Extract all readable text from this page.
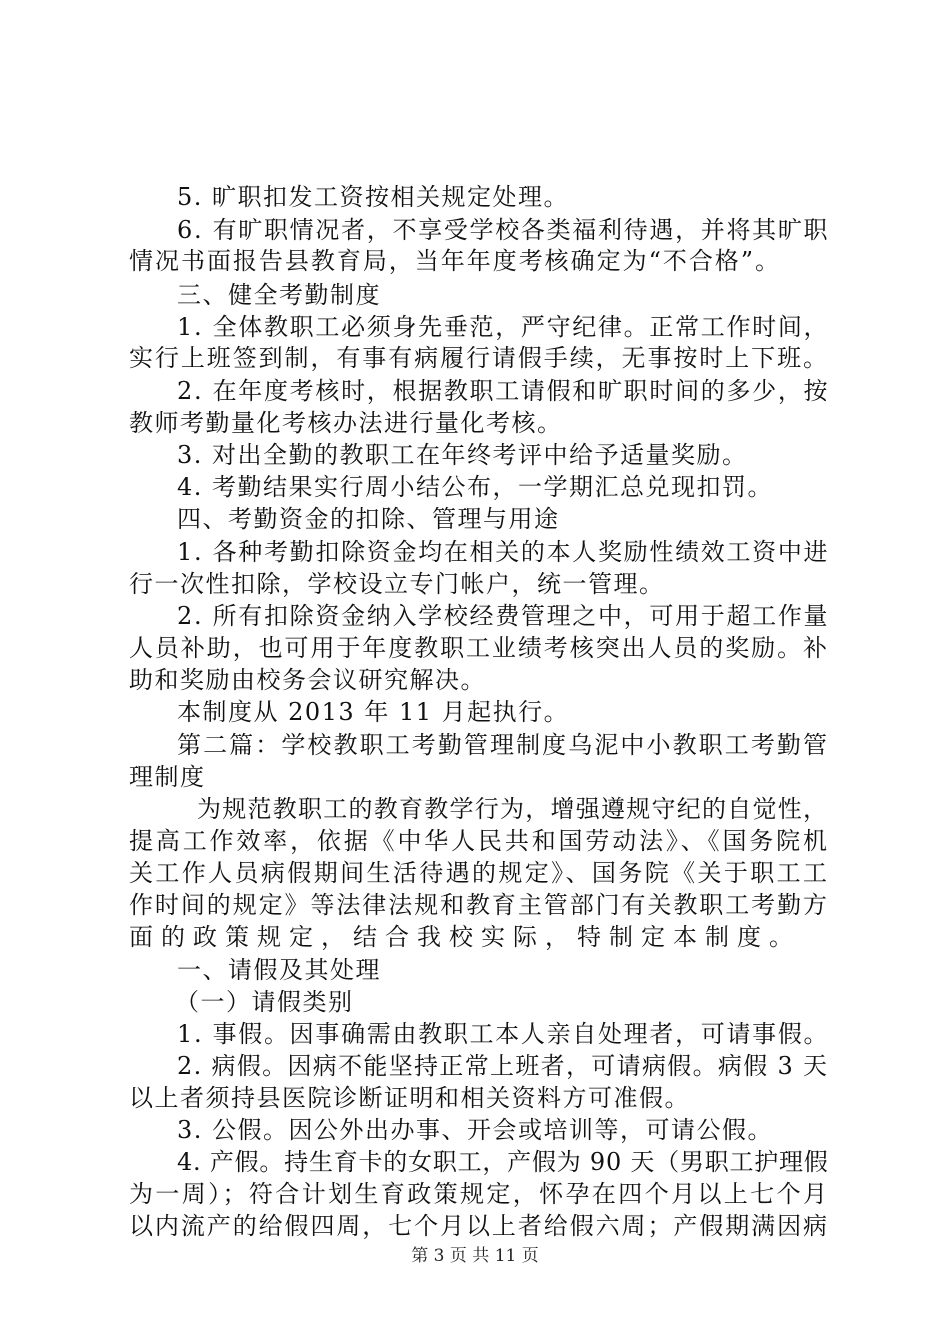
5. 旷职扣发工资按相关规定处理。
6. 有旷职情况者，不享受学校各类福利待遇，并将其旷职
情况书面报告县教育局，当年年度考核确定为“不合格”。
三、健全考勤制度
1. 全体教职工必须身先垂范，严守纪律。正常工作时间，
实行上班签到制，有事有病履行请假手续，无事按时上下班。
2. 在年度考核时，根据教职工请假和旷职时间的多少，按
教师考勤量化考核办法进行量化考核。
3. 对出全勤的教职工在年终考评中给予适量奖励。
4. 考勤结果实行周小结公布，一学期汇总兑现扣罚。
四、考勤资金的扣除、管理与用途
1. 各种考勤扣除资金均在相关的本人奖励性绩效工资中进
行一次性扣除，学校设立专门帐户，统一管理。
2. 所有扣除资金纳入学校经费管理之中，可用于超工作量
人员补助，也可用于年度教职工业绩考核突出人员的奖励。补
助和奖励由校务会议研究解决。
本制度从 2013 年 11 月起执行。
第二篇：学校教职工考勤管理制度乌泥中小教职工考勤管
理制度
为规范教职工的教育教学行为，增强遵规守纪的自觉性，
提高工作效率，依据《中华人民共和国劳动法》、《国务院机
关工作人员病假期间生活待遇的规定》、国务院《关于职工工
作时间的规定》等法律法规和教育主管部门有关教职工考勤方
面的政策规定，结合我校实际，特制定本制度。
一、请假及其处理
（一）请假类别
1. 事假。因事确需由教职工本人亲自处理者，可请事假。
2. 病假。因病不能坚持正常上班者，可请病假。病假 3 天
以上者须持县医院诊断证明和相关资料方可准假。
3. 公假。因公外出办事、开会或培训等，可请公假。
4. 产假。持生育卡的女职工，产假为 90 天（男职工护理假
为一周）；符合计划生育政策规定，怀孕在四个月以上七个月
以内流产的给假四周，七个月以上者给假六周；产假期满因病
第 3 页 共 11 页
